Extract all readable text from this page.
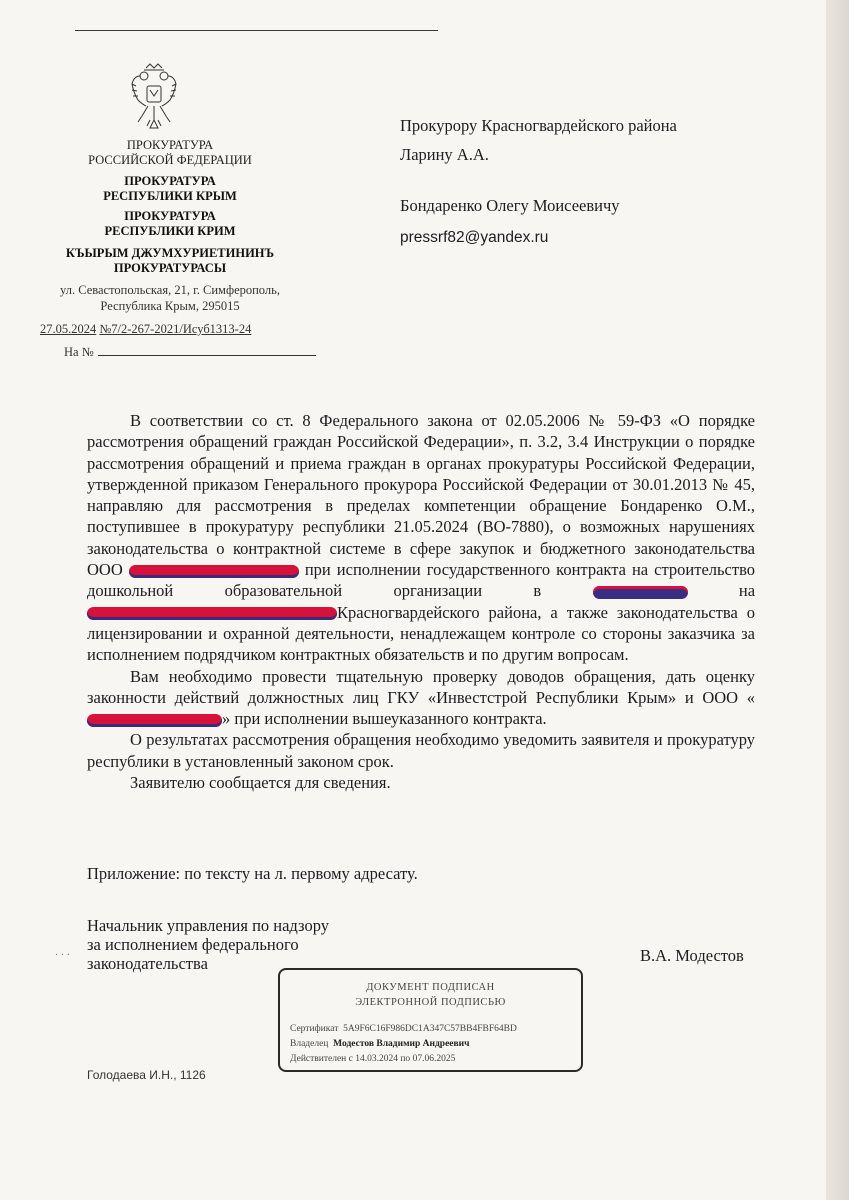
ПРОКУРАТУРА

РОССИЙСКОЙ ФЕДЕРАЦИИ

ПРОКУРАТУРА

РЕСПУБЛИКИ КРЫМ

ПРОКУРАТУРА

РЕСПУБЛИКИ КРИМ

КЪЫРЫМ ДЖУМХУРИЕТИНИНЪ

ПРОКУРАТУРАСЫ

ул. Севастопольская, 21, г. Симферополь,

Республика Крым, 295015

27.05.2024 №7/2-267-2021/Исуб1313-24
На №

Прокурору Красногвардейского района

Ларину А.А.

Бондаренко Олегу Моисеевичу

pressrf82@yandex.ru

В соответствии со ст. 8 Федерального закона от 02.05.2006 № 59-ФЗ «О порядке рассмотрения обращений граждан Российской Федерации», п. 3.2, 3.4 Инструкции о порядке рассмотрения обращений и приема граждан в органах прокуратуры Российской Федерации, утвержденной приказом Генерального прокурора Российской Федерации от 30.01.2013 № 45, направляю для рассмотрения в пределах компетенции обращение Бондаренко О.М., поступившее в прокуратуру республики 21.05.2024 (ВО-7880), о возможных нарушениях законодательства о контрактной системе в сфере закупок и бюджетного законодательства ООО	при исполнении государственного контракта на строительство дошкольной образовательной организации в	на Красногвардейского района, а также законодательства о лицензировании и охранной деятельности, ненадлежащем контроле со стороны заказчика за исполнением подрядчиком контрактных обязательств и по другим вопросам.

Вам необходимо провести тщательную проверку доводов обращения, дать оценку законности действий должностных лиц ГКУ «Инвестстрой Республики Крым» и ООО «» при исполнении вышеуказанного контракта.

О результатах рассмотрения обращения необходимо уведомить заявителя и прокуратуру республики в установленный законом срок.

Заявителю сообщается для сведения.

Приложение: по тексту на л. первому адресату.

Начальник управления по надзору
за исполнением федерального
законодательства	В.А. Модестов
· · ·
ДОКУМЕНТ ПОДПИСАН
ЭЛЕКТРОННОЙ ПОДПИСЬЮ
Сертификат 5A9F6C16F986DC1A347C57BB4FBF64BD
Владелец Модестов Владимир Андреевич
Действителен с 14.03.2024 по 07.06.2025
Голодаева И.Н., 1126
